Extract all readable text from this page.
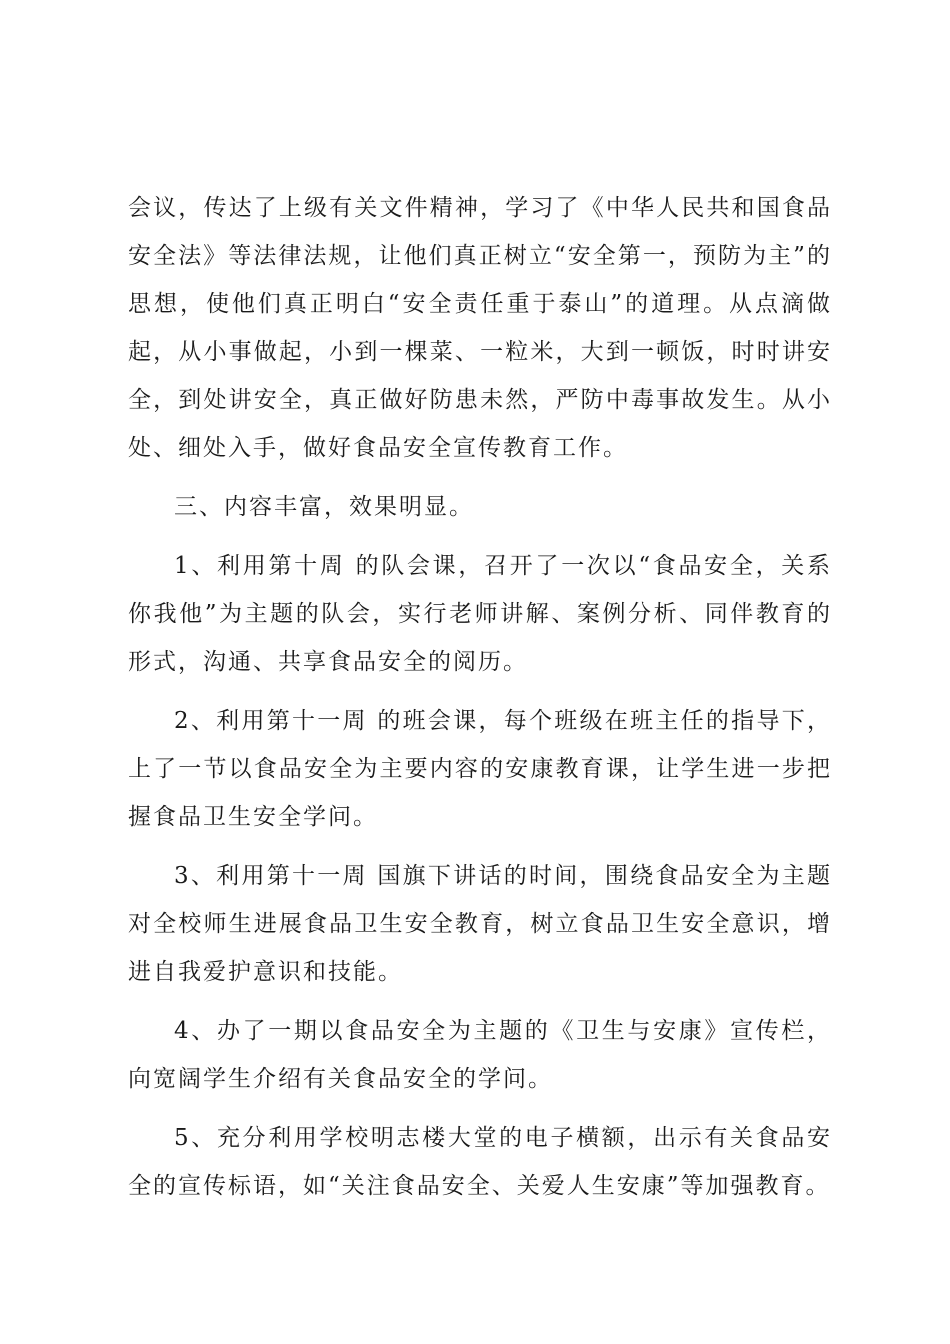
会议，传达了上级有关文件精神，学习了《中华人民共和国食品安全法》等法律法规，让他们真正树立“安全第一，预防为主”的思想，使他们真正明白“安全责任重于泰山”的道理。从点滴做起，从小事做起，小到一棵菜、一粒米，大到一顿饭，时时讲安全，到处讲安全，真正做好防患未然，严防中毒事故发生。从小处、细处入手，做好食品安全宣传教育工作。

三、内容丰富，效果明显。

1、利用第十周 的队会课，召开了一次以“食品安全，关系你我他”为主题的队会，实行老师讲解、案例分析、同伴教育的形式，沟通、共享食品安全的阅历。

2、利用第十一周 的班会课，每个班级在班主任的指导下，上了一节以食品安全为主要内容的安康教育课，让学生进一步把握食品卫生安全学问。

3、利用第十一周 国旗下讲话的时间，围绕食品安全为主题对全校师生进展食品卫生安全教育，树立食品卫生安全意识，增进自我爱护意识和技能。

4、办了一期以食品安全为主题的《卫生与安康》宣传栏，向宽阔学生介绍有关食品安全的学问。

5、充分利用学校明志楼大堂的电子横额，出示有关食品安全的宣传标语，如“关注食品安全、关爱人生安康”等加强教育。
